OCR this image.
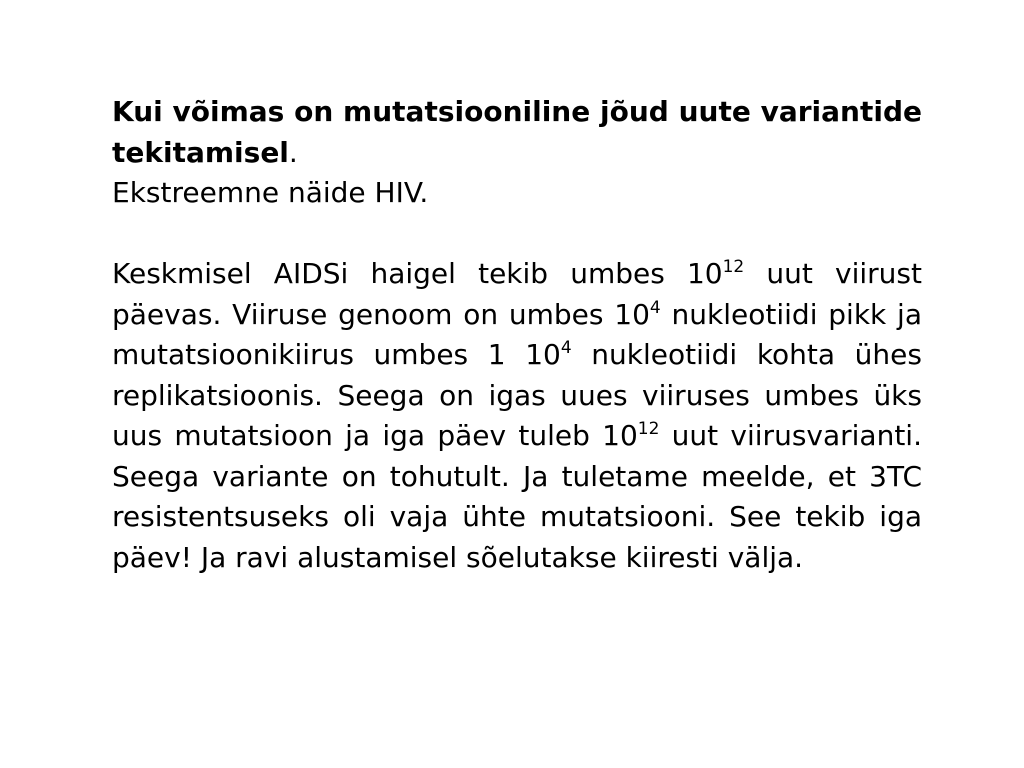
Kui võimas on mutatsiooniline jõud uute variantide tekitamisel.

Ekstreemne näide HIV.

Keskmisel AIDSi haigel tekib umbes $10^{12}$ uut viirust päevas. Viiruse genoom on umbes $10^4$ nukleotiidi pikk ja mutatsioonikiirus umbes 1 $10^4$ nukleotiidi kohta ühes replikatsioonis. Seega on igas uues viiruses umbes üks uus mutatsioon ja iga päev tuleb $10^{12}$ uut viirusvarianti. Seega variante on tohutult. Ja tuletame meelde, et 3TC resistentsuseks oli vaja ühte mutatsiooni. See tekib iga päev! Ja ravi alustamisel sõelutakse kiiresti välja.
